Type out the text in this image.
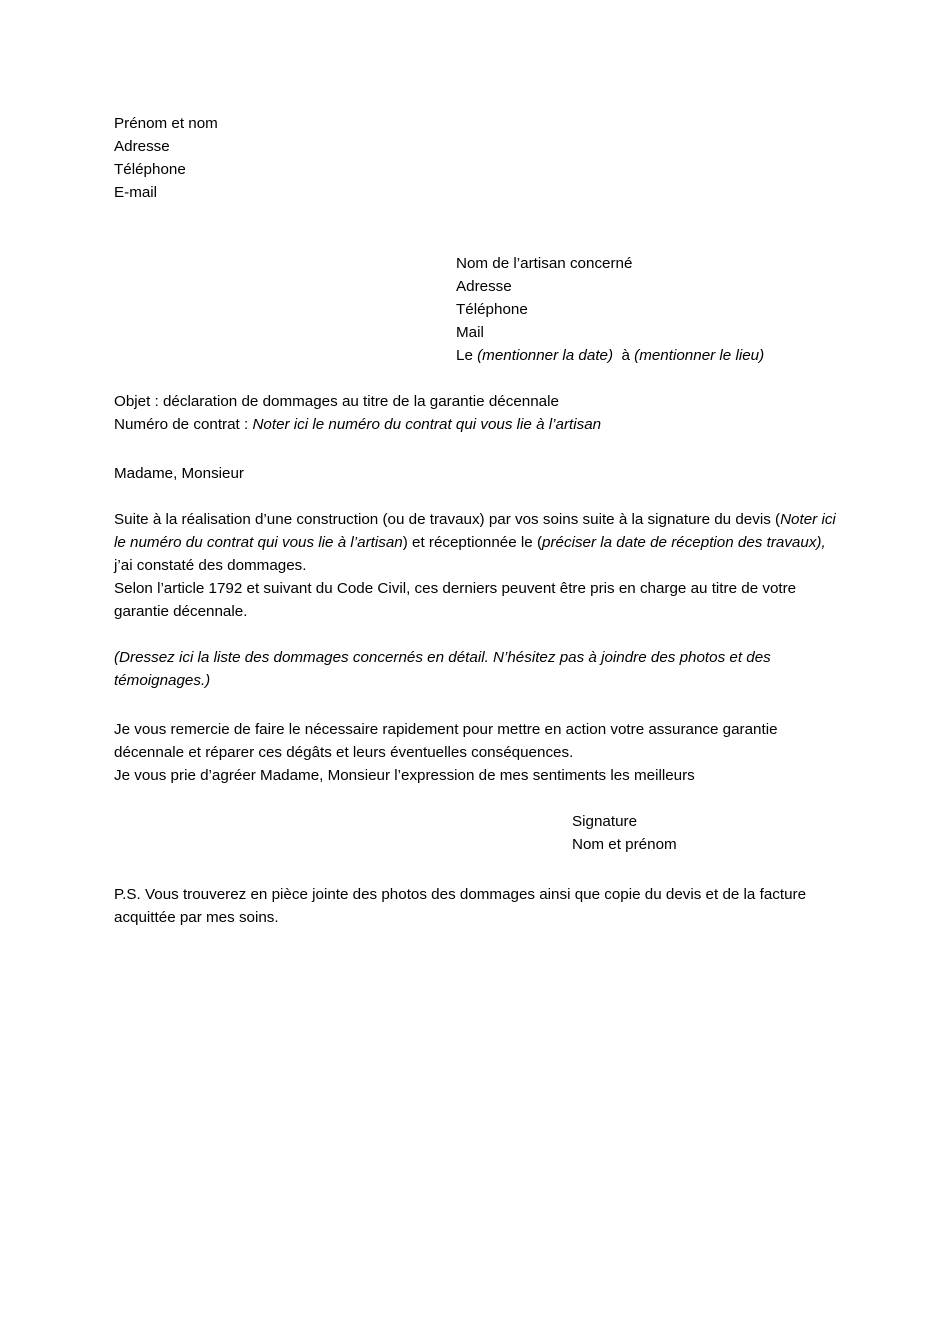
Prénom et nom
Adresse
Téléphone
E-mail
Nom de l’artisan concerné
Adresse
Téléphone
Mail
Le (mentionner la date)  à (mentionner le lieu)
Objet : déclaration de dommages au titre de la garantie décennale
Numéro de contrat : Noter ici le numéro du contrat qui vous lie à l’artisan
Madame, Monsieur
Suite à la réalisation d’une construction (ou de travaux) par vos soins suite à la signature du devis (Noter ici le numéro du contrat qui vous lie à l’artisan) et réceptionnée le (préciser la date de réception des travaux), j’ai constaté des dommages.
Selon l’article 1792 et suivant du Code Civil, ces derniers peuvent être pris en charge au titre de votre garantie décennale.
(Dressez ici la liste des dommages concernés en détail. N’hésitez pas à joindre des photos et des témoignages.)
Je vous remercie de faire le nécessaire rapidement pour mettre en action votre assurance garantie décennale et réparer ces dégâts et leurs éventuelles conséquences.
Je vous prie d’agréer Madame, Monsieur l’expression de mes sentiments les meilleurs
Signature
Nom et prénom
P.S. Vous trouverez en pièce jointe des photos des dommages ainsi que copie du devis et de la facture acquittée par mes soins.
